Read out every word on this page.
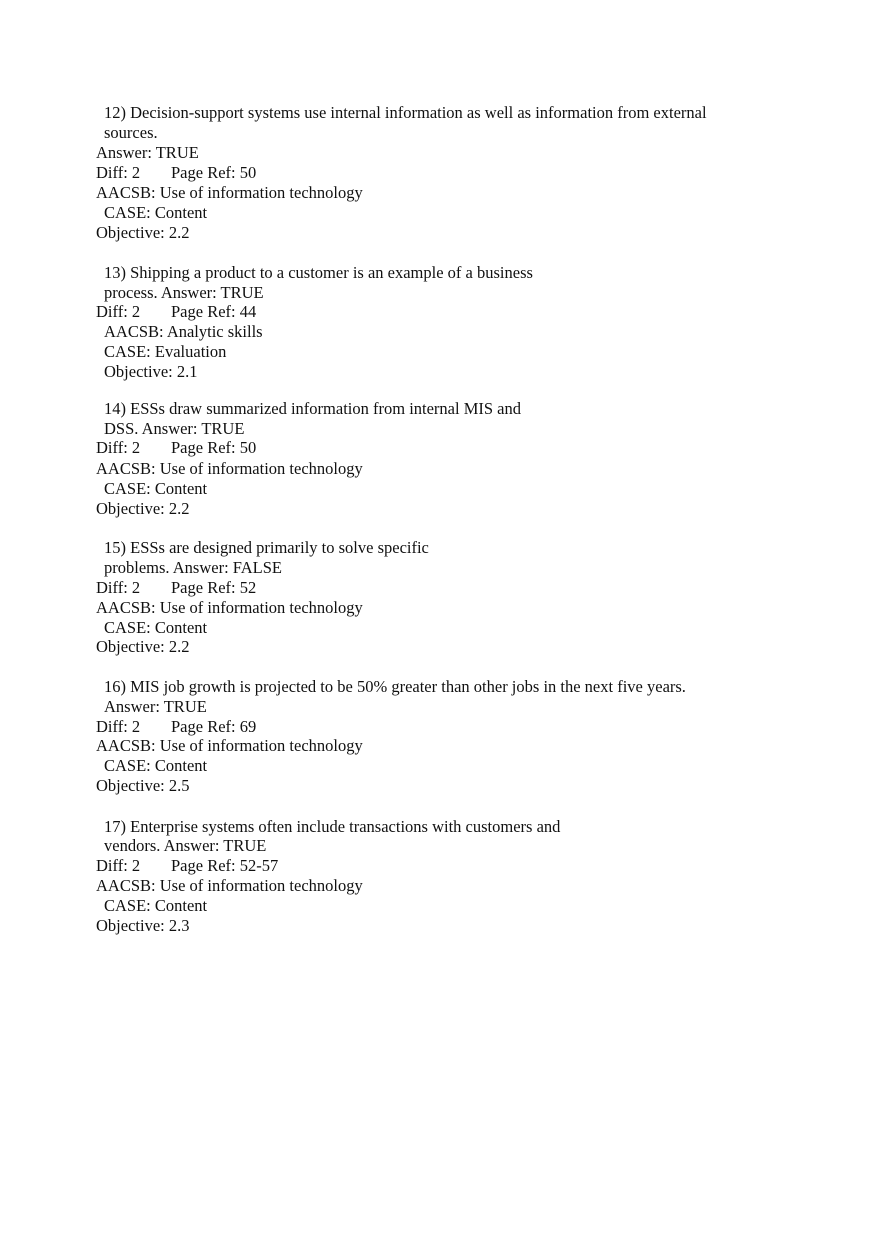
12) Decision-support systems use internal information as well as information from external
sources.
Answer: TRUE
Diff: 2 Page Ref: 50
AACSB: Use of information technology
CASE: Content
Objective: 2.2
13) Shipping a product to a customer is an example of a business
process. Answer: TRUE
Diff: 2 Page Ref: 44
AACSB: Analytic skills
CASE: Evaluation
Objective: 2.1
14) ESSs draw summarized information from internal MIS and
DSS. Answer: TRUE
Diff: 2 Page Ref: 50
AACSB: Use of information technology
CASE: Content
Objective: 2.2
15) ESSs are designed primarily to solve specific
problems. Answer: FALSE
Diff: 2 Page Ref: 52
AACSB: Use of information technology
CASE: Content
Objective: 2.2
16) MIS job growth is projected to be 50% greater than other jobs in the next five years.
Answer: TRUE
Diff: 2 Page Ref: 69
AACSB: Use of information technology
CASE: Content
Objective: 2.5
17) Enterprise systems often include transactions with customers and
vendors. Answer: TRUE
Diff: 2 Page Ref: 52-57
AACSB: Use of information technology
CASE: Content
Objective: 2.3
